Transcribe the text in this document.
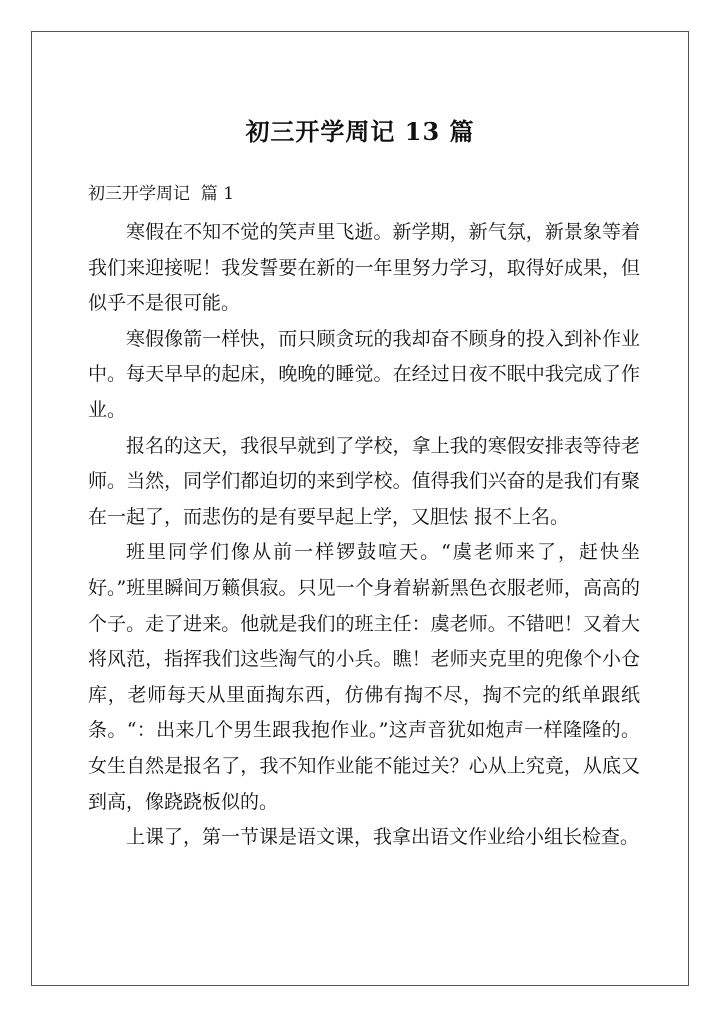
初三开学周记 13 篇
初三开学周记  篇 1

寒假在不知不觉的笑声里飞逝。新学期，新气氛，新景象等着我们来迎接呢！我发誓要在新的一年里努力学习，取得好成果，但似乎不是很可能。

寒假像箭一样快，而只顾贪玩的我却奋不顾身的投入到补作业中。每天早早的起床，晚晚的睡觉。在经过日夜不眠中我完成了作业。

报名的这天，我很早就到了学校，拿上我的寒假安排表等待老师。当然，同学们都迫切的来到学校。值得我们兴奋的是我们有聚在一起了，而悲伤的是有要早起上学，又胆怯 报不上名。

班里同学们像从前一样锣鼓喧天。“虞老师来了，赶快坐好。”班里瞬间万籁俱寂。只见一个身着崭新黑色衣服老师，高高的个子。走了进来。他就是我们的班主任：虞老师。不错吧！又着大将风范，指挥我们这些淘气的小兵。瞧！老师夹克里的兜像个小仓库，老师每天从里面掏东西，仿佛有掏不尽，掏不完的纸单跟纸条。“：出来几个男生跟我抱作业。”这声音犹如炮声一样隆隆的。女生自然是报名了，我不知作业能不能过关？心从上究竟，从底又到高，像跷跷板似的。

上课了，第一节课是语文课，我拿出语文作业给小组长检查。
